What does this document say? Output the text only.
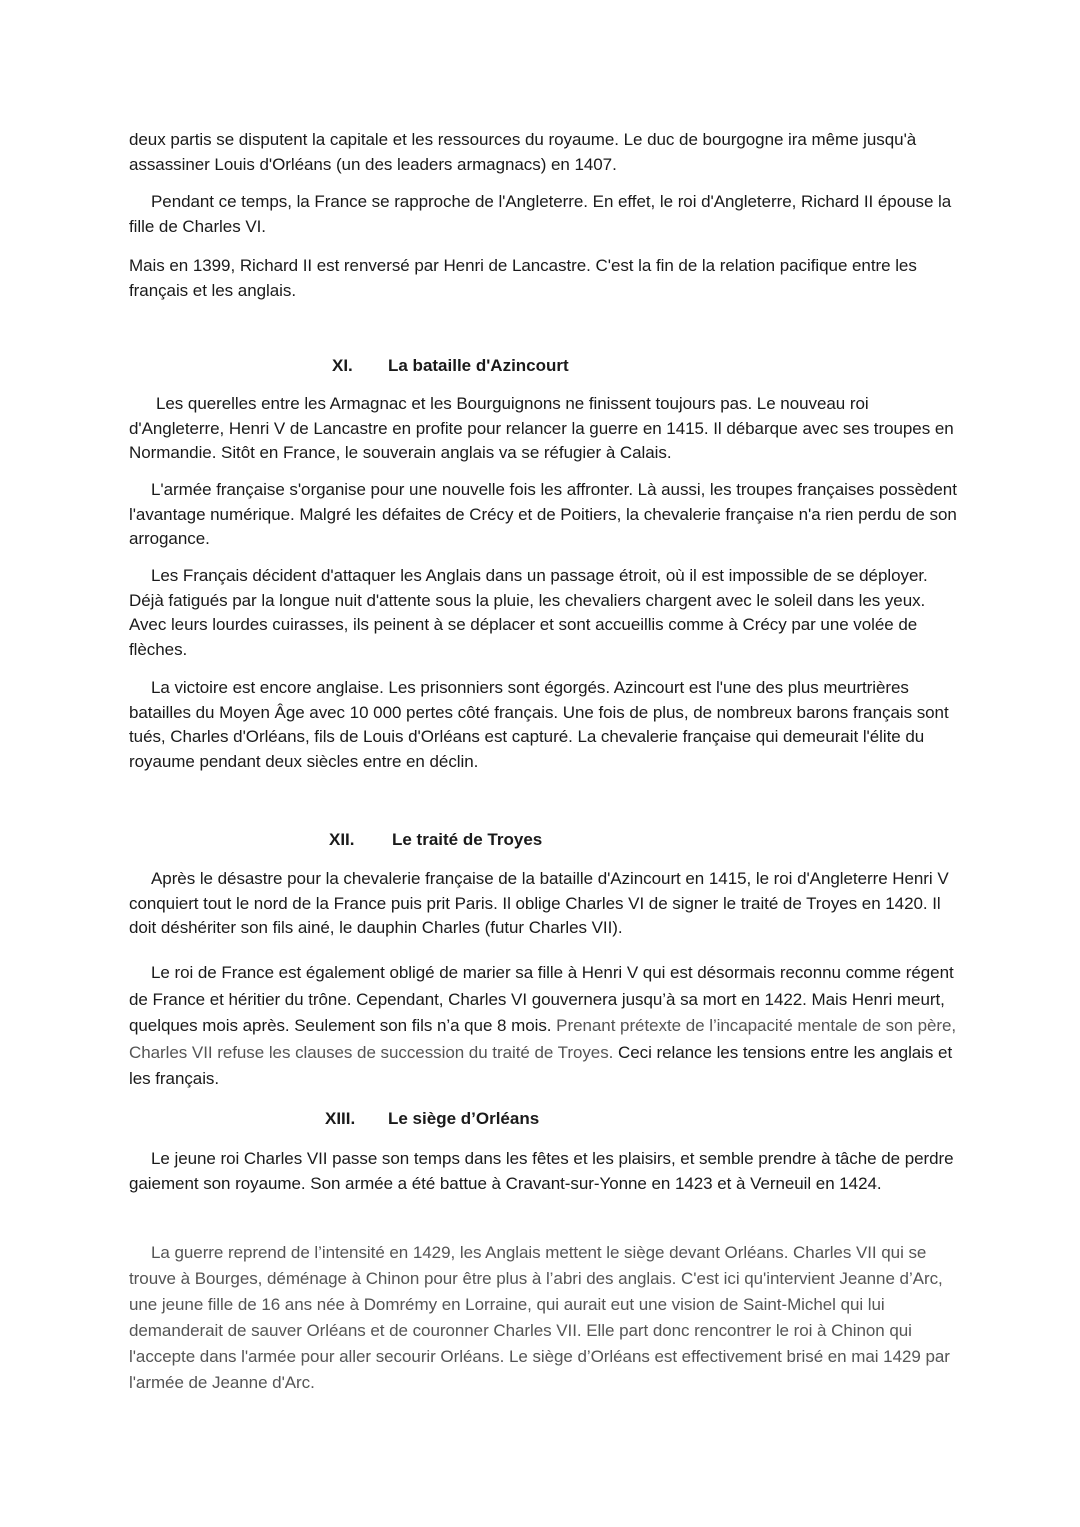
deux partis se disputent la capitale et les ressources du royaume. Le duc de bourgogne ira même jusqu'à assassiner Louis d'Orléans (un des leaders armagnacs) en 1407.

Pendant ce temps, la France se rapproche de l'Angleterre. En effet, le roi d'Angleterre, Richard II épouse la fille de Charles VI.

Mais en 1399, Richard II est renversé par Henri de Lancastre. C'est la fin de la relation pacifique entre les français et les anglais.

XI. La bataille d'Azincourt

Les querelles entre les Armagnac et les Bourguignons ne finissent toujours pas. Le nouveau roi d'Angleterre, Henri V de Lancastre en profite pour relancer la guerre en 1415. Il débarque avec ses troupes en Normandie. Sitôt en France, le souverain anglais va se réfugier à Calais.

L'armée française s'organise pour une nouvelle fois les affronter. Là aussi, les troupes françaises possèdent l'avantage numérique. Malgré les défaites de Crécy et de Poitiers, la chevalerie française n'a rien perdu de son arrogance.

Les Français décident d'attaquer les Anglais dans un passage étroit, où il est impossible de se déployer. Déjà fatigués par la longue nuit d'attente sous la pluie, les chevaliers chargent avec le soleil dans les yeux. Avec leurs lourdes cuirasses, ils peinent à se déplacer et sont accueillis comme à Crécy par une volée de flèches.

La victoire est encore anglaise. Les prisonniers sont égorgés. Azincourt est l'une des plus meurtrières batailles du Moyen Âge avec 10 000 pertes côté français. Une fois de plus, de nombreux barons français sont tués, Charles d'Orléans, fils de Louis d'Orléans est capturé. La chevalerie française qui demeurait l'élite du royaume pendant deux siècles entre en déclin.

XII. Le traité de Troyes

Après le désastre pour la chevalerie française de la bataille d'Azincourt en 1415, le roi d'Angleterre Henri V conquiert tout le nord de la France puis prit Paris. Il oblige Charles VI de signer le traité de Troyes en 1420. Il doit déshériter son fils ainé, le dauphin Charles (futur Charles VII).

Le roi de France est également obligé de marier sa fille à Henri V qui est désormais reconnu comme régent de France et héritier du trône. Cependant, Charles VI gouvernera jusqu’à sa mort en 1422. Mais Henri meurt, quelques mois après. Seulement son fils n’a que 8 mois. Prenant prétexte de l’incapacité mentale de son père, Charles VII refuse les clauses de succession du traité de Troyes. Ceci relance les tensions entre les anglais et les français.

XIII. Le siège d’Orléans

Le jeune roi Charles VII passe son temps dans les fêtes et les plaisirs, et semble prendre à tâche de perdre gaiement son royaume. Son armée a été battue à Cravant-sur-Yonne en 1423 et à Verneuil en 1424.

La guerre reprend de l’intensité en 1429, les Anglais mettent le siège devant Orléans. Charles VII qui se trouve à Bourges, déménage à Chinon pour être plus à l’abri des anglais. C'est ici qu'intervient Jeanne d’Arc, une jeune fille de 16 ans née à Domrémy en Lorraine, qui aurait eut une vision de Saint-Michel qui lui demanderait de sauver Orléans et de couronner Charles VII. Elle part donc rencontrer le roi à Chinon qui l'accepte dans l'armée pour aller secourir Orléans. Le siège d’Orléans est effectivement brisé en mai 1429 par l'armée de Jeanne d'Arc.
